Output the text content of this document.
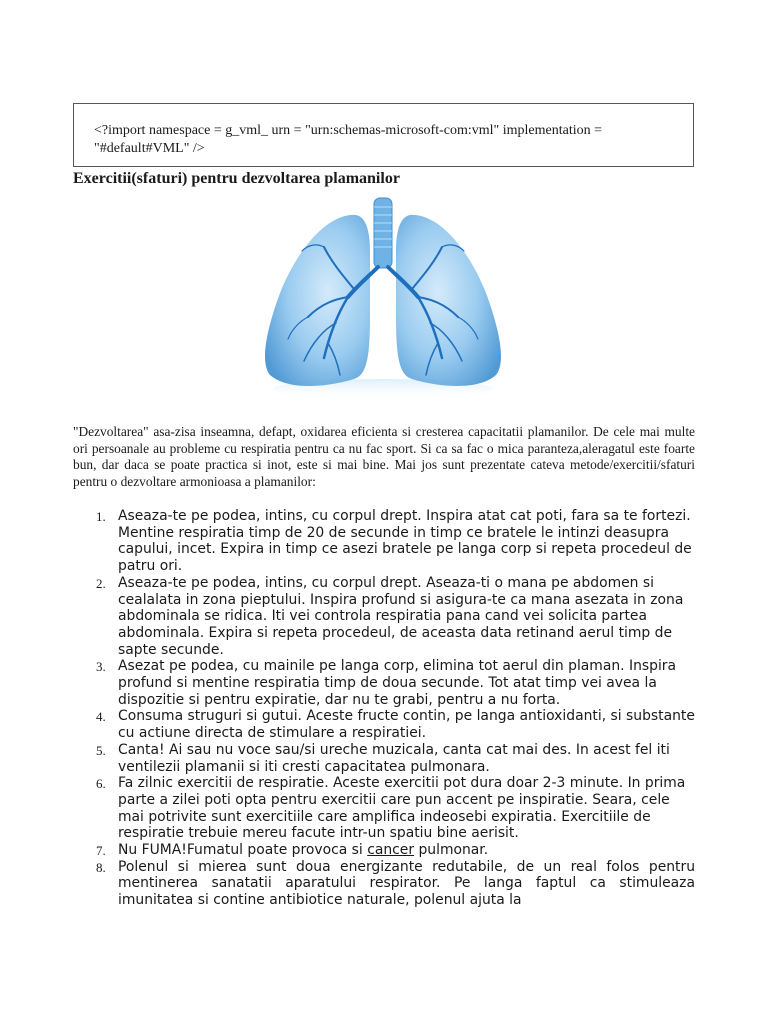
<?import namespace = g_vml_ urn = "urn:schemas-microsoft-com:vml" implementation = "#default#VML" />
Exercitii(sfaturi) pentru dezvoltarea plamanilor

"Dezvoltarea" asa-zisa inseamna, defapt, oxidarea eficienta si cresterea capacitatii plamanilor. De cele mai multe ori persoanale au probleme cu respiratia pentru ca nu fac sport. Si ca sa fac o mica paranteza,aleragatul este foarte bun, dar daca se poate practica si inot, este si mai bine. Mai jos sunt prezentate cateva metode/exercitii/sfaturi pentru o dezvoltare armonioasa a plamanilor:

1. Aseaza-te pe podea, intins, cu corpul drept. Inspira atat cat poti, fara sa te fortezi. Mentine respiratia timp de 20 de secunde in timp ce bratele le intinzi deasupra capului, incet. Expira in timp ce asezi bratele pe langa corp si repeta procedeul de patru ori.
2. Aseaza-te pe podea, intins, cu corpul drept. Aseaza-ti o mana pe abdomen si cealalata in zona pieptului. Inspira profund si asigura-te ca mana asezata in zona abdominala se ridica. Iti vei controla respiratia pana cand vei solicita partea abdominala. Expira si repeta procedeul, de aceasta data retinand aerul timp de sapte secunde.
3. Asezat pe podea, cu mainile pe langa corp, elimina tot aerul din plaman. Inspira profund si mentine respiratia timp de doua secunde. Tot atat timp vei avea la dispozitie si pentru expiratie, dar nu te grabi, pentru a nu forta.
4. Consuma struguri si gutui. Aceste fructe contin, pe langa antioxidanti, si substante cu actiune directa de stimulare a respiratiei.
5. Canta! Ai sau nu voce sau/si ureche muzicala, canta cat mai des. In acest fel iti ventilezii plamanii si iti cresti capacitatea pulmonara.
6. Fa zilnic exercitii de respiratie. Aceste exercitii pot dura doar 2-3 minute. In prima parte a zilei poti opta pentru exercitii care pun accent pe inspiratie. Seara, cele mai potrivite sunt exercitiile care amplifica indeosebi expiratia. Exercitiile de respiratie trebuie mereu facute intr-un spatiu bine aerisit.
7. Nu FUMA!Fumatul poate provoca si cancer pulmonar.
8. Polenul si mierea sunt doua energizante redutabile, de un real folos pentru mentinerea sanatatii aparatului respirator. Pe langa faptul ca stimuleaza imunitatea si contine antibiotice naturale, polenul ajuta la
